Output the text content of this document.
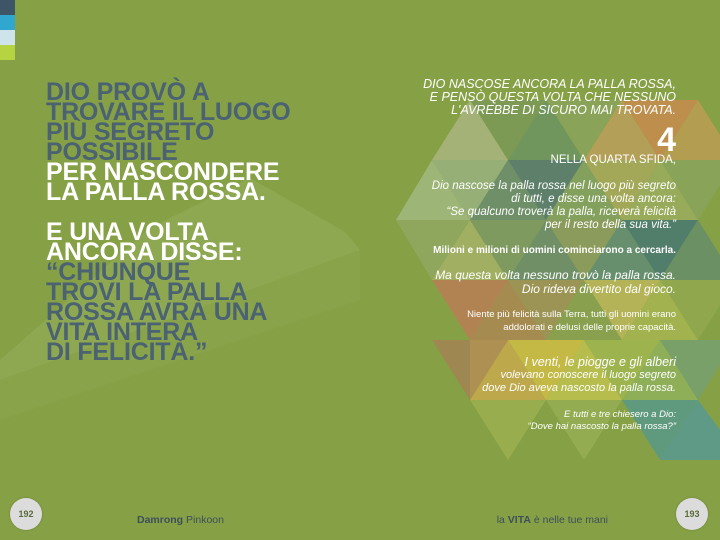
DIO PROVÒ A
TROVARE IL LUOGO
PIÙ SEGRETO
POSSIBILE
PER NASCONDERE
LA PALLA ROSSA.
E UNA VOLTA
ANCORA DISSE:
“CHIUNQUE
TROVI LA PALLA
ROSSA AVRÀ UNA
VITA INTERA
DI FELICITÀ.”
DIO NASCOSE ANCORA LA PALLA ROSSA,
E PENSÒ QUESTA VOLTA CHE NESSUNO
L'AVREBBE DI SICURO MAI TROVATA.
4
NELLA QUARTA SFIDA,
Dio nascose la palla rossa nel luogo più segreto
di tutti, e disse una volta ancora:
“Se qualcuno troverà la palla, riceverà felicità
per il resto della sua vita.”
Milioni e milioni di uomini cominciarono a cercarla.
Ma questa volta nessuno trovò la palla rossa.
Dio rideva divertito dal gioco.
Niente più felicità sulla Terra, tutti gli uomini erano
addolorati e delusi delle proprie capacità.
I venti, le piogge e gli alberi
volevano conoscere il luogo segreto
dove Dio aveva nascosto la palla rossa.
E tutti e tre chiesero a Dio:
“Dove hai nascosto la palla rossa?”
192	Damrong Pinkoon	la VITA è nelle tue mani	193
